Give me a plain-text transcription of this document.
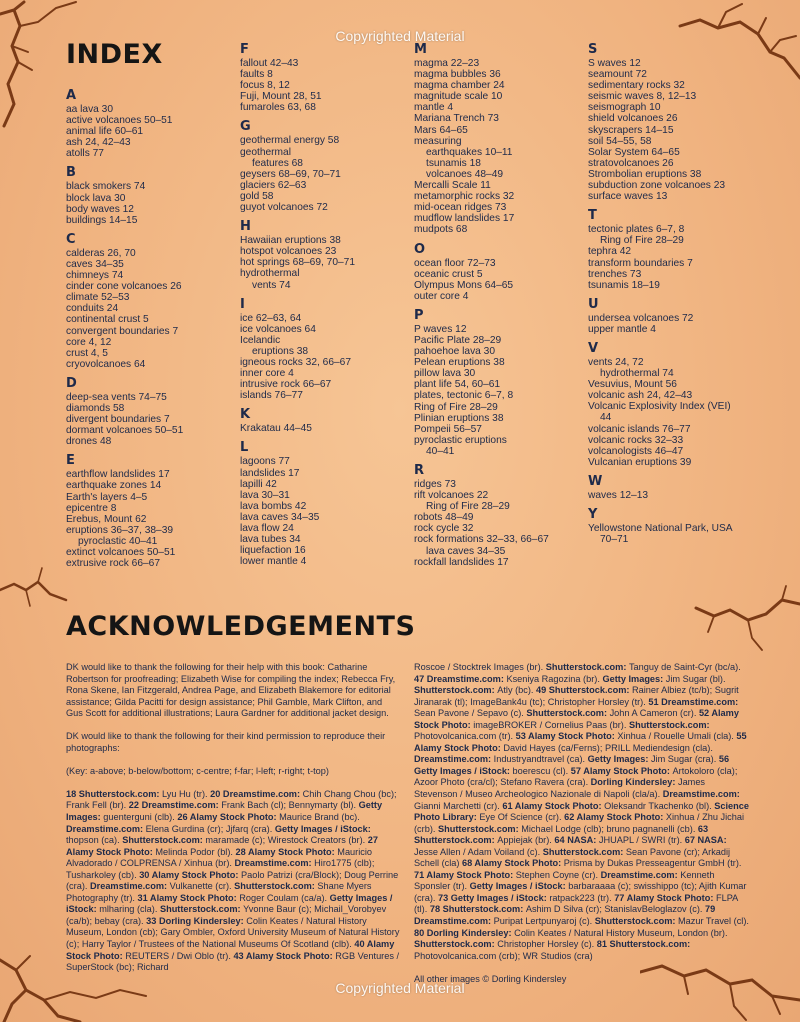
Copyrighted Material
Copyrighted Material
INDEX
A
aa lava 30
active volcanoes 50–51
animal life 60–61
ash 24, 42–43
atolls 77
B
black smokers 74
block lava 30
body waves 12
buildings 14–15
C
calderas 26, 70
caves 34–35
chimneys 74
cinder cone volcanoes 26
climate 52–53
conduits 24
continental crust 5
convergent boundaries 7
core 4, 12
crust 4, 5
cryovolcanoes 64
D
deep-sea vents 74–75
diamonds 58
divergent boundaries 7
dormant volcanoes 50–51
drones 48
E
earthflow landslides 17
earthquake zones 14
Earth's layers 4–5
epicentre 8
Erebus, Mount 62
eruptions 36–37, 38–39
pyroclastic 40–41
extinct volcanoes 50–51
extrusive rock 66–67
F
fallout 42–43
faults 8
focus 8, 12
Fuji, Mount 28, 51
fumaroles 63, 68
G
geothermal energy 58
geothermal
features 68
geysers 68–69, 70–71
glaciers 62–63
gold 58
guyot volcanoes 72
H
Hawaiian eruptions 38
hotspot volcanoes 23
hot springs 68–69, 70–71
hydrothermal
vents 74
I
ice 62–63, 64
ice volcanoes 64
Icelandic
eruptions 38
igneous rocks 32, 66–67
inner core 4
intrusive rock 66–67
islands 76–77
K
Krakatau 44–45
L
lagoons 77
landslides 17
lapilli 42
lava 30–31
lava bombs 42
lava caves 34–35
lava flow 24
lava tubes 34
liquefaction 16
lower mantle 4
M
magma 22–23
magma bubbles 36
magma chamber 24
magnitude scale 10
mantle 4
Mariana Trench 73
Mars 64–65
measuring
earthquakes 10–11
tsunamis 18
volcanoes 48–49
Mercalli Scale 11
metamorphic rocks 32
mid-ocean ridges 73
mudflow landslides 17
mudpots 68
O
ocean floor 72–73
oceanic crust 5
Olympus Mons 64–65
outer core 4
P
P waves 12
Pacific Plate 28–29
pahoehoe lava 30
Pelean eruptions 38
pillow lava 30
plant life 54, 60–61
plates, tectonic 6–7, 8
Ring of Fire 28–29
Plinian eruptions 38
Pompeii 56–57
pyroclastic eruptions
40–41
R
ridges 73
rift volcanoes 22
Ring of Fire 28–29
robots 48–49
rock cycle 32
rock formations 32–33, 66–67
lava caves 34–35
rockfall landslides 17
S
S waves 12
seamount 72
sedimentary rocks 32
seismic waves 8, 12–13
seismograph 10
shield volcanoes 26
skyscrapers 14–15
soil 54–55, 58
Solar System 64–65
stratovolcanoes 26
Strombolian eruptions 38
subduction zone volcanoes 23
surface waves 13
T
tectonic plates 6–7, 8
Ring of Fire 28–29
tephra 42
transform boundaries 7
trenches 73
tsunamis 18–19
U
undersea volcanoes 72
upper mantle 4
V
vents 24, 72
hydrothermal 74
Vesuvius, Mount 56
volcanic ash 24, 42–43
Volcanic Explosivity Index (VEI)
44
volcanic islands 76–77
volcanic rocks 32–33
volcanologists 46–47
Vulcanian eruptions 39
W
waves 12–13
Y
Yellowstone National Park, USA
70–71
ACKNOWLEDGEMENTS

DK would like to thank the following for their help with this book: Catharine Robertson for proofreading; Elizabeth Wise for compiling the index; Rebecca Fry, Rona Skene, Ian Fitzgerald, Andrea Page, and Elizabeth Blakemore for editorial assistance; Gilda Pacitti for design assistance; Phil Gamble, Mark Clifton, and Gus Scott for additional illustrations; Laura Gardner for additional jacket design.

DK would like to thank the following for their kind permission to reproduce their photographs:

(Key: a-above; b-below/bottom; c-centre; f-far; l-left; r-right; t-top)

18 Shutterstock.com: Lyu Hu (tr). 20 Dreamstime.com: Chih Chang Chou (bc); Frank Fell (br). 22 Dreamstime.com: Frank Bach (cl); Bennymarty (bl). Getty Images: guenterguni (clb). 26 Alamy Stock Photo: Maurice Brand (bc). Dreamstime.com: Elena Gurdina (cr); Jjfarq (cra). Getty Images / iStock: thopson (ca). Shutterstock.com: maramade (c); Wirestock Creators (br). 27 Alamy Stock Photo: Melinda Podor (bl). 28 Alamy Stock Photo: Mauricio Alvadorado / COLPRENSA / Xinhua (br). Dreamstime.com: Hiro1775 (clb); Tusharkoley (cb). 30 Alamy Stock Photo: Paolo Patrizi (cra/Block); Doug Perrine (cra). Dreamstime.com: Vulkanette (cr). Shutterstock.com: Shane Myers Photography (tr). 31 Alamy Stock Photo: Roger Coulam (ca/a). Getty Images / iStock: mlharing (cla). Shutterstock.com: Yvonne Baur (c); Michail_Vorobyev (ca/b); bebay (cra). 33 Dorling Kindersley: Colin Keates / Natural History Museum, London (cb); Gary Ombler, Oxford University Museum of Natural History (c); Harry Taylor / Trustees of the National Museums Of Scotland (clb). 40 Alamy Stock Photo: REUTERS / Dwi Oblo (tr). 43 Alamy Stock Photo: RGB Ventures / SuperStock (bc); Richard

Roscoe / Stocktrek Images (br). Shutterstock.com: Tanguy de Saint-Cyr (bc/a). 47 Dreamstime.com: Kseniya Ragozina (br). Getty Images: Jim Sugar (bl). Shutterstock.com: Atly (bc). 49 Shutterstock.com: Rainer Albiez (tc/b); Sugrit Jiranarak (tl); ImageBank4u (tc); Christopher Horsley (tr). 51 Dreamstime.com: Sean Pavone / Sepavo (c). Shutterstock.com: John A Cameron (cr). 52 Alamy Stock Photo: imageBROKER / Cornelius Paas (br). Shutterstock.com: Photovolcanica.com (tr). 53 Alamy Stock Photo: Xinhua / Rouelle Umali (cla). 55 Alamy Stock Photo: David Hayes (ca/Ferns); PRILL Mediendesign (cla). Dreamstime.com: Industryandtravel (ca). Getty Images: Jim Sugar (cra). 56 Getty Images / iStock: boerescu (cl). 57 Alamy Stock Photo: Artokoloro (cla); Azoor Photo (cra/cl); Stefano Ravera (cra). Dorling Kindersley: James Stevenson / Museo Archeologico Nazionale di Napoli (cla/a). Dreamstime.com: Gianni Marchetti (cr). 61 Alamy Stock Photo: Oleksandr Tkachenko (bl). Science Photo Library: Eye Of Science (cr). 62 Alamy Stock Photo: Xinhua / Zhu Jichai (crb). Shutterstock.com: Michael Lodge (clb); bruno pagnanelli (cb). 63 Shutterstock.com: Appiejak (br). 64 NASA: JHUAPL / SWRI (tr). 67 NASA: Jesse Allen / Adam Voiland (c). Shutterstock.com: Sean Pavone (cr); Arkadij Schell (cla) 68 Alamy Stock Photo: Prisma by Dukas Presseagentur GmbH (tr). 71 Alamy Stock Photo: Stephen Coyne (cr). Dreamstime.com: Kenneth Sponsler (tr). Getty Images / iStock: barbaraaaa (c); swisshippo (tc); Ajith Kumar (cra). 73 Getty Images / iStock: ratpack223 (tr). 77 Alamy Stock Photo: FLPA (tl). 78 Shutterstock.com: Ashim D Silva (cr); StanislavBeloglazov (c). 79 Dreamstime.com: Puripat Lertpunyaroj (c). Shutterstock.com: Mazur Travel (cl). 80 Dorling Kindersley: Colin Keates / Natural History Museum, London (br). Shutterstock.com: Christopher Horsley (c). 81 Shutterstock.com: Photovolcanica.com (crb); WR Studios (cra)

All other images © Dorling Kindersley
